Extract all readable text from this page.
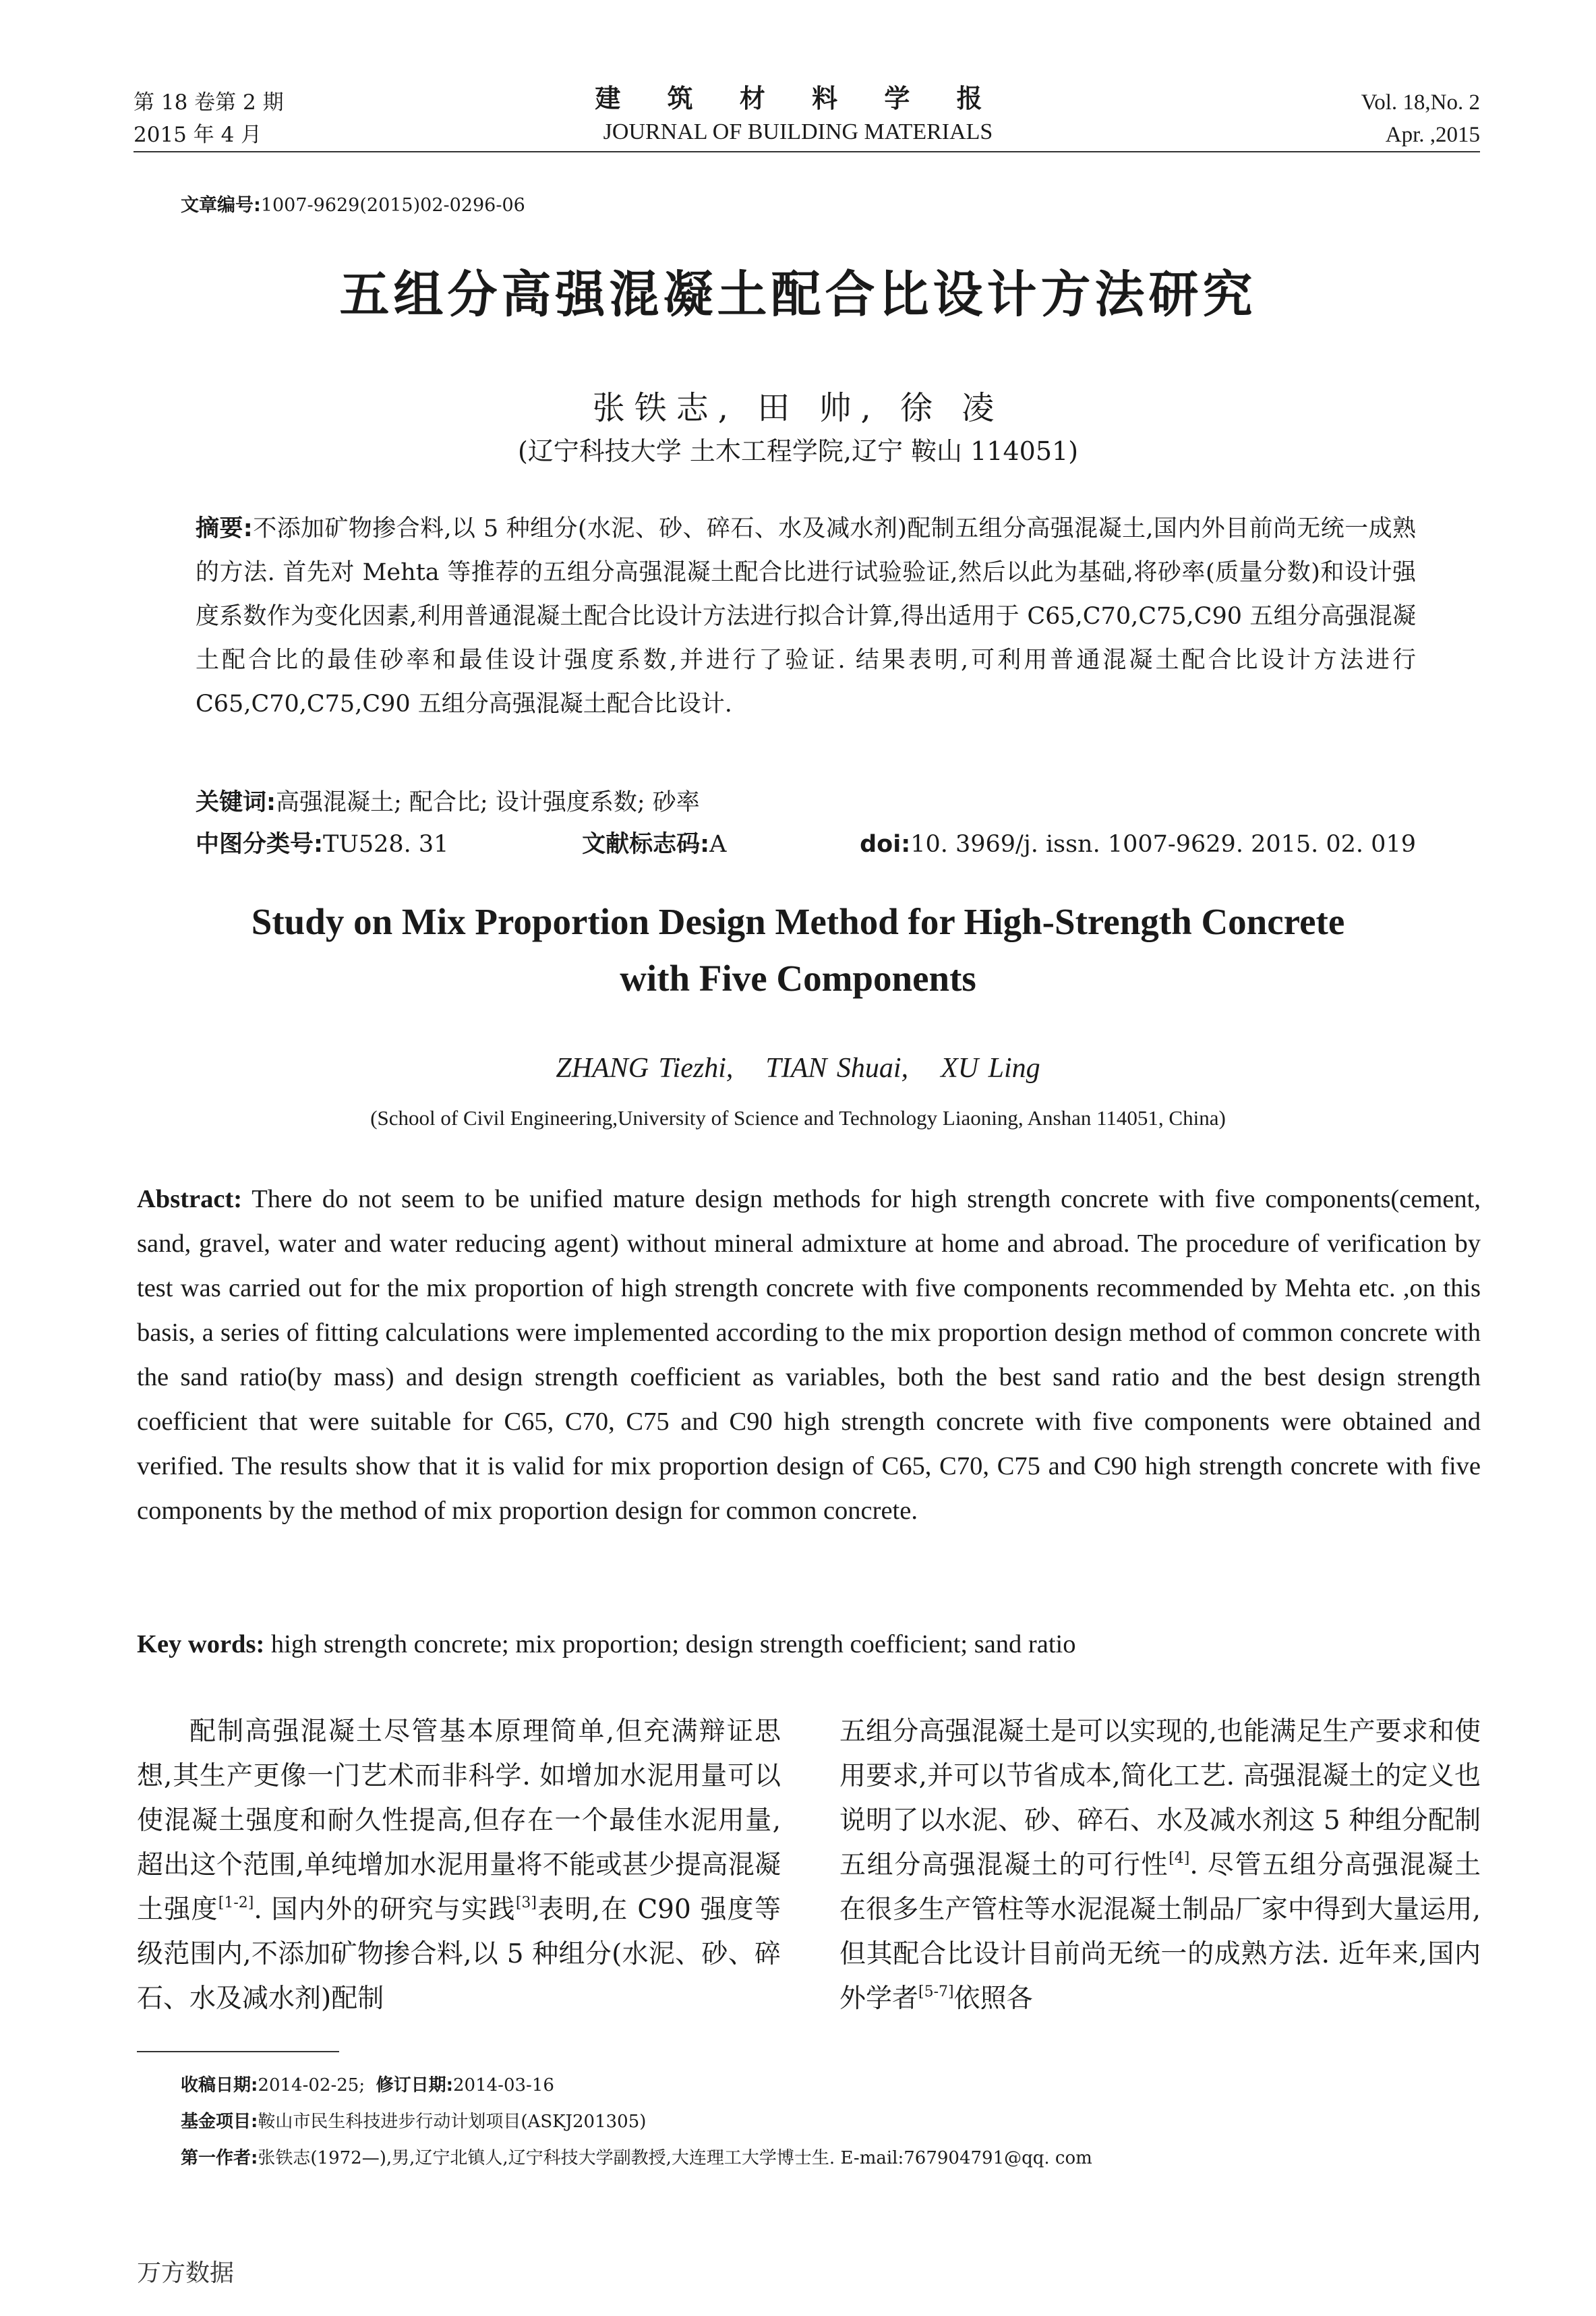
第 18 卷第 2 期
2015 年 4 月
建 筑 材 料 学 报
JOURNAL OF BUILDING MATERIALS
Vol. 18,No. 2
Apr. ,2015
文章编号:1007-9629(2015)02-0296-06
五组分高强混凝土配合比设计方法研究
张铁志, 田 帅, 徐 凌
(辽宁科技大学 土木工程学院,辽宁 鞍山 114051)
摘要:不添加矿物掺合料,以 5 种组分(水泥、砂、碎石、水及减水剂)配制五组分高强混凝土,国内外目前尚无统一成熟的方法. 首先对 Mehta 等推荐的五组分高强混凝土配合比进行试验验证,然后以此为基础,将砂率(质量分数)和设计强度系数作为变化因素,利用普通混凝土配合比设计方法进行拟合计算,得出适用于 C65,C70,C75,C90 五组分高强混凝土配合比的最佳砂率和最佳设计强度系数,并进行了验证. 结果表明,可利用普通混凝土配合比设计方法进行 C65,C70,C75,C90 五组分高强混凝土配合比设计.
关键词:高强混凝土; 配合比; 设计强度系数; 砂率
中图分类号:TU528. 31	文献标志码:A	doi:10. 3969/j. issn. 1007-9629. 2015. 02. 019
Study on Mix Proportion Design Method for High-Strength Concrete
with Five Components
ZHANG Tiezhi, TIAN Shuai, XU Ling
(School of Civil Engineering,University of Science and Technology Liaoning, Anshan 114051, China)
Abstract: There do not seem to be unified mature design methods for high strength concrete with five components(cement, sand, gravel, water and water reducing agent) without mineral admixture at home and abroad. The procedure of verification by test was carried out for the mix proportion of high strength concrete with five components recommended by Mehta etc. ,on this basis, a series of fitting calculations were implemented according to the mix proportion design method of common concrete with the sand ratio(by mass) and design strength coefficient as variables, both the best sand ratio and the best design strength coefficient that were suitable for C65, C70, C75 and C90 high strength concrete with five components were obtained and verified. The results show that it is valid for mix proportion design of C65, C70, C75 and C90 high strength concrete with five components by the method of mix proportion design for common concrete.
Key words: high strength concrete; mix proportion; design strength coefficient; sand ratio
配制高强混凝土尽管基本原理简单,但充满辩证思想,其生产更像一门艺术而非科学. 如增加水泥用量可以使混凝土强度和耐久性提高,但存在一个最佳水泥用量,超出这个范围,单纯增加水泥用量将不能或甚少提高混凝土强度[1-2]. 国内外的研究与实践[3]表明,在 C90 强度等级范围内,不添加矿物掺合料,以 5 种组分(水泥、砂、碎石、水及减水剂)配制
五组分高强混凝土是可以实现的,也能满足生产要求和使用要求,并可以节省成本,简化工艺. 高强混凝土的定义也说明了以水泥、砂、碎石、水及减水剂这 5 种组分配制五组分高强混凝土的可行性[4]. 尽管五组分高强混凝土在很多生产管柱等水泥混凝土制品厂家中得到大量运用,但其配合比设计目前尚无统一的成熟方法. 近年来,国内外学者[5-7]依照各
收稿日期:2014-02-25; 修订日期:2014-03-16
基金项目:鞍山市民生科技进步行动计划项目(ASKJ201305)
第一作者:张铁志(1972—),男,辽宁北镇人,辽宁科技大学副教授,大连理工大学博士生. E-mail:767904791@qq. com
万方数据
